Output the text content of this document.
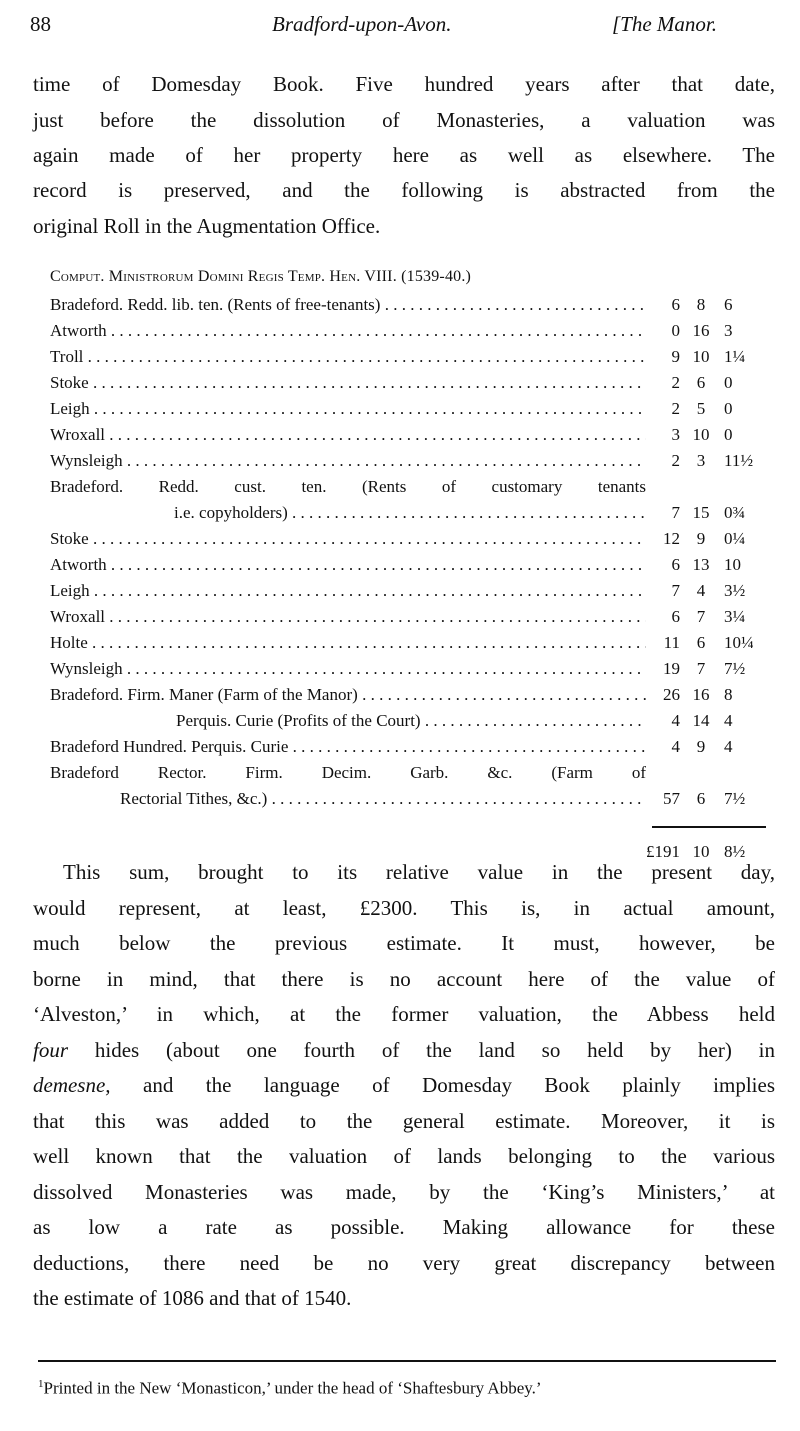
88	Bradford-upon-Avon.	[The Manor.
time of Domesday Book. Five hundred years after that date,
just before the dissolution of Monasteries, a valuation was
again made of her property here as well as elsewhere. The
record is preserved, and the following is abstracted from the
original Roll in the Augmentation Office.
Comput. Ministrorum Domini Regis Temp. Hen. VIII. (1539-40.)
Bradeford. Redd. lib. ten. (Rents of free-tenants) . . .	6 8	6
Atworth . . .	0 16 3
Troll . . .	9 10 1¼
Stoke . . .	2 6	0
Leigh . . .	2 5	0
Wroxall . . .	3 10 0
Wynsleigh . . .	2 3	11½
Bradeford. Redd. cust. ten. (Rents of customary tenants
i.e. copyholders) . . .	7 15 0¾
Stoke . . .	12 9	0¼
Atworth . . .	6 13 10
Leigh . . .	7 4	3½
Wroxall . . .	6 7	3¼
Holte . . .	11 6	10¼
Wynsleigh . . .	19 7	7½
Bradeford. Firm. Maner (Farm of the Manor) . . .	26 16 8
Perquis. Curie (Profits of the Court) . . .	4 14 4
Bradeford Hundred. Perquis. Curie . . .	4 9	4
Bradeford Rector. Firm. Decim. Garb. &c. (Farm of
Rectorial Tithes, &c.) . . .	57 6	7½
£191 10 8½
This sum, brought to its relative value in the present day,
would represent, at least, £2300. This is, in actual amount,
much below the previous estimate. It must, however, be
borne in mind, that there is no account here of the value of
‘Alveston,’ in which, at the former valuation, the Abbess held
four hides (about one fourth of the land so held by her) in
demesne, and the language of Domesday Book plainly implies
that this was added to the general estimate. Moreover, it is
well known that the valuation of lands belonging to the various
dissolved Monasteries was made, by the ‘King’s Ministers,’ at
as low a rate as possible. Making allowance for these
deductions, there need be no very great discrepancy between
the estimate of 1086 and that of 1540.
$^1$Printed in the New ‘Monasticon,’ under the head of ‘Shaftesbury Abbey.’
